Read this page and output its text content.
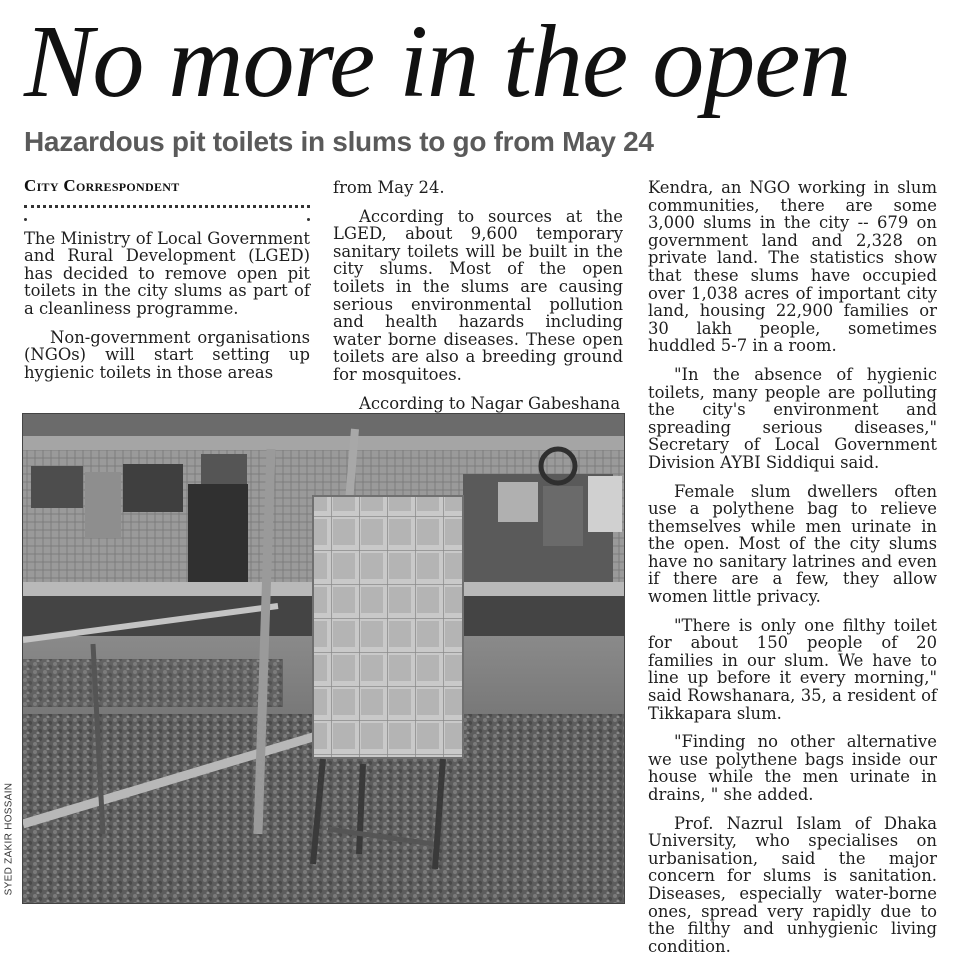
No more in the open
Hazardous pit toilets in slums to go from May 24
City Correspondent

The Ministry of Local Government and Rural Development (LGED) has decided to remove open pit toilets in the city slums as part of a cleanliness programme.

Non-government organisations (NGOs) will start setting up hygienic toilets in those areas

from May 24.

According to sources at the LGED, about 9,600 temporary sanitary toilets will be built in the city slums. Most of the open toilets in the slums are causing serious environmental pollution and health hazards including water borne diseases. These open toilets are also a breeding ground for mosquitoes.

According to Nagar Gabeshana

Kendra, an NGO working in slum communities, there are some 3,000 slums in the city -- 679 on government land and 2,328 on private land. The statistics show that these slums have occupied over 1,038 acres of important city land, housing 22,900 families or 30 lakh people, sometimes huddled 5-7 in a room.

"In the absence of hygienic toilets, many people are polluting the city's environment and spreading serious diseases," Secretary of Local Government Division AYBI Siddiqui said.

Female slum dwellers often use a polythene bag to relieve themselves while men urinate in the open. Most of the city slums have no sanitary latrines and even if there are a few, they allow women little privacy.

"There is only one filthy toilet for about 150 people of 20 families in our slum. We have to line up before it every morning," said Rowshanara, 35, a resident of Tikkapara slum.

"Finding no other alternative we use polythene bags inside our house while the men urinate in drains, " she added.

Prof. Nazrul Islam of Dhaka University, who specialises on urbanisation, said the major concern for slums is sanitation. Diseases, especially water-borne ones, spread very rapidly due to the filthy and unhygienic living condition.

SYED ZAKIR HOSSAIN
